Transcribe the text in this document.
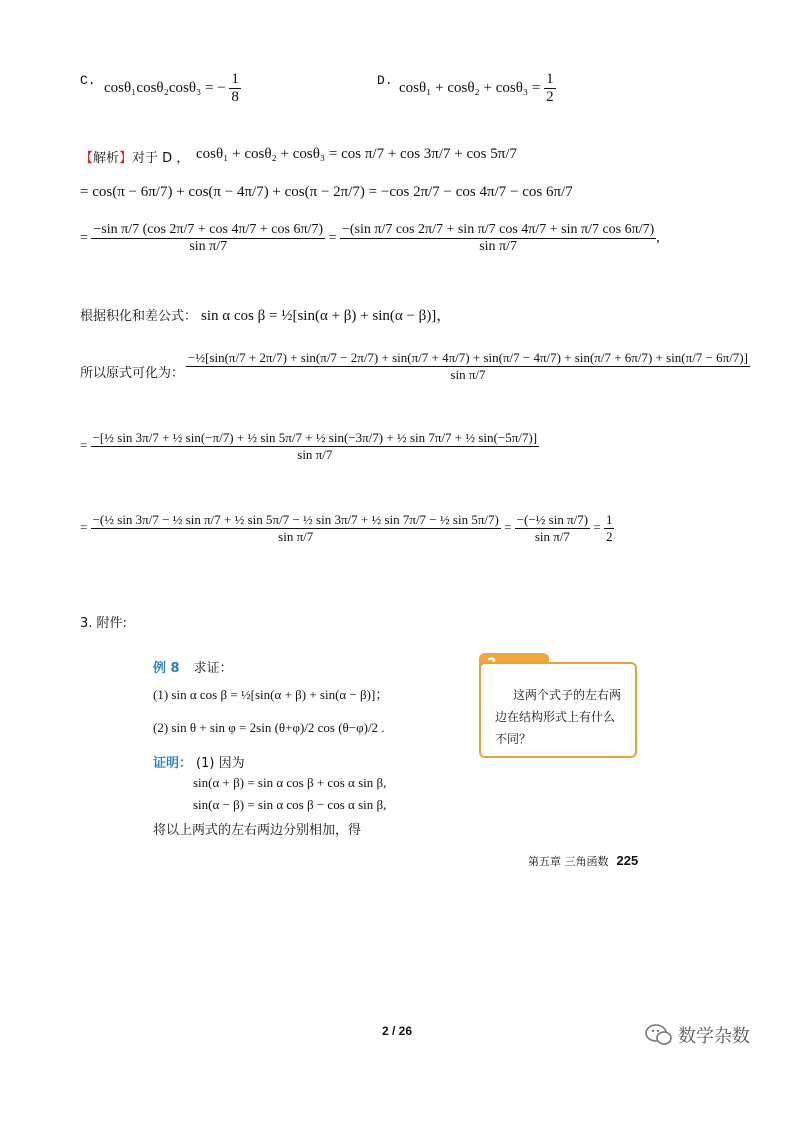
C. cosθ₁cosθ₂cosθ₃ = − $\frac{1}{8}$	D. $\cos\theta_1 + \cos\theta_2 + \cos\theta_3 = \frac{1}{2}$
【解析】对于 D ， cosθ₁ + cosθ₂ + cosθ₃ = cos π/7 + cos 3π/7 + cos 5π/7
= cos(π − 6π/7) + cos(π − 4π/7) + cos(π − 2π/7) = −cos 2π/7 − cos 4π/7 − cos 6π/7
= $\frac{\text{−sin π/7 (cos 2π/7 + cos 4π/7 + cos 6π/7)}}{\text{sin π/7}} = \frac{\text{−(sin π/7 cos 2π/7 + sin π/7 cos 4π/7 + sin π/7 cos 6π/7)}}{\text{sin π/7}}$ ,
根据积化和差公式： sin α cos β = ½[sin(α + β) + sin(α − β)]，
所以原式可化为：
−½[sin(π/7 + 2π/7) + sin(π/7 − 2π/7) + sin(π/7 + 4π/7) + sin(π/7 − 4π/7) + sin(π/7 + 6π/7) + sin(π/7 − 6π/7)]
sin π/7
= −[½ sin 3π/7 + ½ sin(−π/7) + ½ sin 5π/7 + ½ sin(−3π/7) + ½ sin 7π/7 + ½ sin(−5π/7)]
sin π/7
= −(½ sin 3π/7 − ½ sin π/7 + ½ sin 5π/7 − ½ sin 3π/7 + ½ sin 7π/7 − ½ sin 5π/7)
sin π/7
= $\frac{\text{−(−½ sin π/7)}}{\text{sin π/7}} = \frac{1}{2}$
3. 附件:
例 8 求证：
(1) sin α cos β = ½[sin(α + β) + sin(α − β)]；
(2) sin θ + sin φ = 2sin (θ+φ)/2 cos (θ−φ)/2 .
证明： (1) 因为
sin(α + β) = sin α cos β + cos α sin β,
sin(α − β) = sin α cos β − cos α sin β,
将以上两式的左右两边分别相加，得
这两个式子的左右两
边在结构形式上有什么
不同？
第五章 三角函数 225
2 / 26	数学杂数
